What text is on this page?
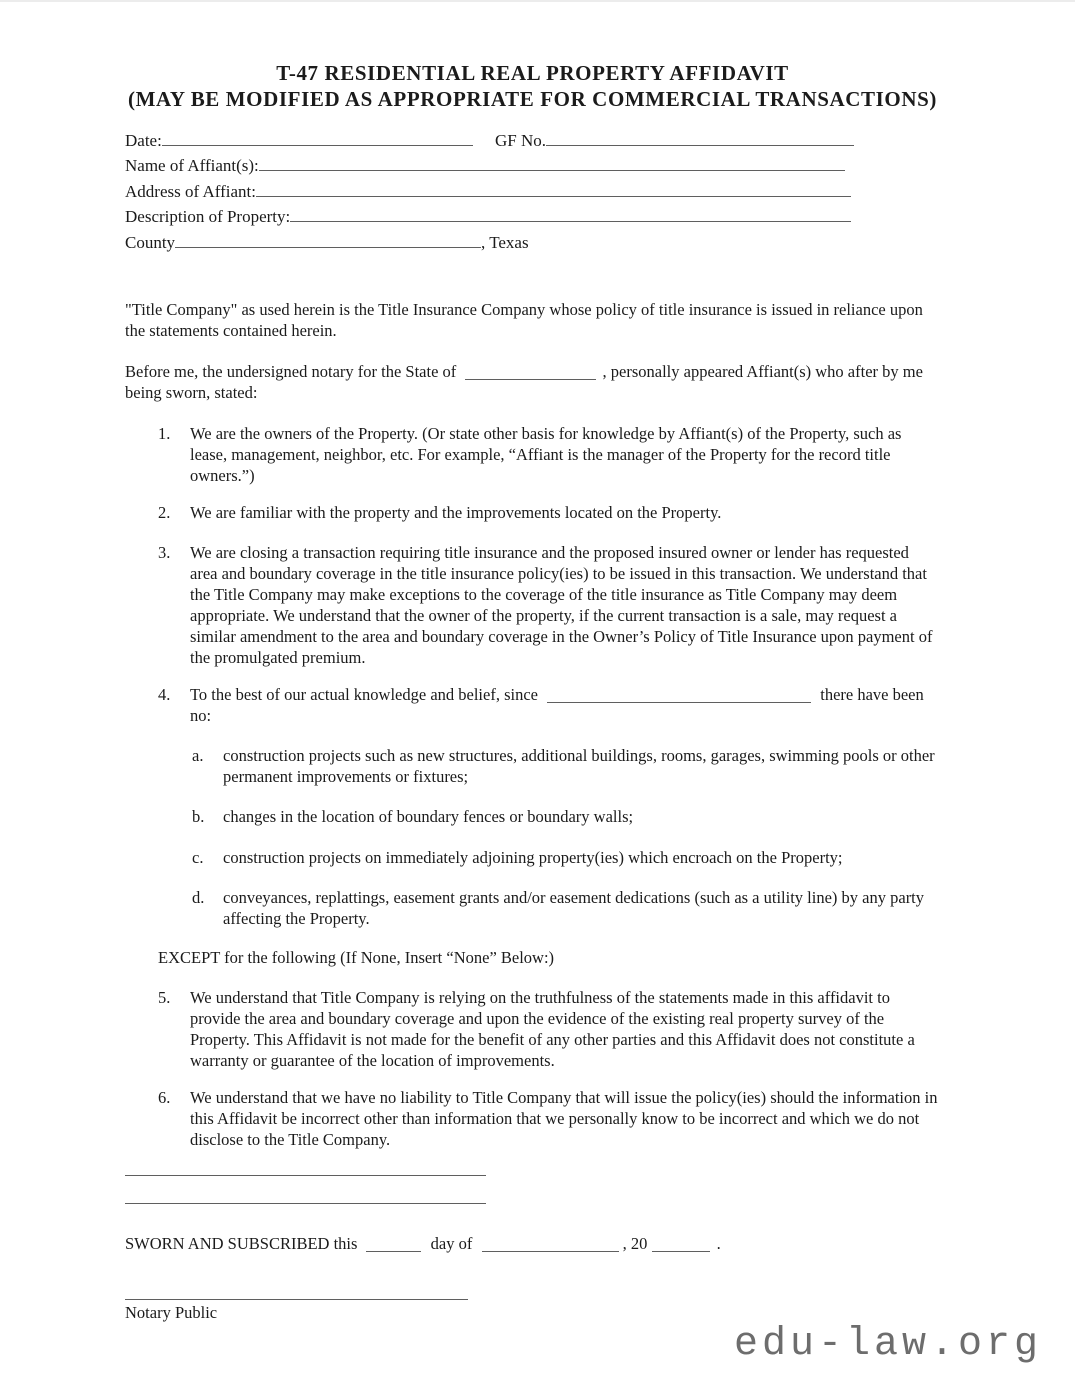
T-47 RESIDENTIAL REAL PROPERTY AFFIDAVIT
(MAY BE MODIFIED AS APPROPRIATE FOR COMMERCIAL TRANSACTIONS)
Date:	GF No.
Name of Affiant(s):
Address of Affiant:
Description of Property:
County	, Texas
"Title Company" as used herein is the Title Insurance Company whose policy of title insurance is issued in reliance upon the statements contained herein.
Before me, the undersigned notary for the State of	, personally appeared Affiant(s) who after by me being sworn, stated:
1.	We are the owners of the Property. (Or state other basis for knowledge by Affiant(s) of the Property, such as lease, management, neighbor, etc. For example, “Affiant is the manager of the Property for the record title owners.”)
2.	We are familiar with the property and the improvements located on the Property.
3.	We are closing a transaction requiring title insurance and the proposed insured owner or lender has requested area and boundary coverage in the title insurance policy(ies) to be issued in this transaction. We understand that the Title Company may make exceptions to the coverage of the title insurance as Title Company may deem appropriate. We understand that the owner of the property, if the current transaction is a sale, may request a similar amendment to the area and boundary coverage in the Owner’s Policy of Title Insurance upon payment of the promulgated premium.
4.	To the best of our actual knowledge and belief, since	there have been no:
a.	construction projects such as new structures, additional buildings, rooms, garages, swimming pools or other permanent improvements or fixtures;
b.	changes in the location of boundary fences or boundary walls;
c.	construction projects on immediately adjoining property(ies) which encroach on the Property;
d.	conveyances, replattings, easement grants and/or easement dedications (such as a utility line) by any party affecting the Property.
EXCEPT for the following (If None, Insert “None” Below:)
5.	We understand that Title Company is relying on the truthfulness of the statements made in this affidavit to provide the area and boundary coverage and upon the evidence of the existing real property survey of the Property. This Affidavit is not made for the benefit of any other parties and this Affidavit does not constitute a warranty or guarantee of the location of improvements.
6.	We understand that we have no liability to Title Company that will issue the policy(ies) should the information in this Affidavit be incorrect other than information that we personally know to be incorrect and which we do not disclose to the Title Company.
SWORN AND SUBSCRIBED this	day of	, 20	.
Notary Public
edu-law.org
